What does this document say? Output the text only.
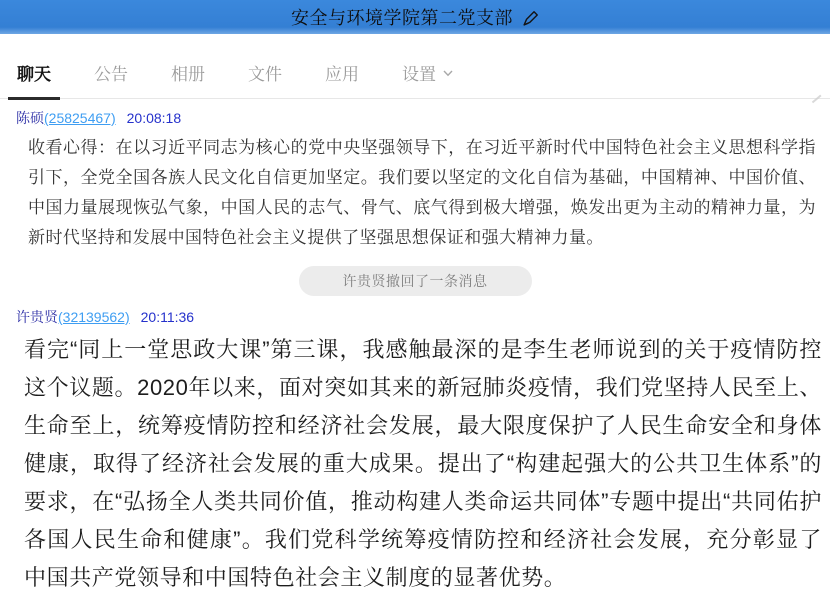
安全与环境学院第二党支部
聊天	公告	相册	文件	应用	设置
陈硕(25825467) 20:08:18
收看心得：在以习近平同志为核心的党中央坚强领导下，在习近平新时代中国特色社会主义思想科学指引下，全党全国各族人民文化自信更加坚定。我们要以坚定的文化自信为基础，中国精神、中国价值、中国力量展现恢弘气象，中国人民的志气、骨气、底气得到极大增强，焕发出更为主动的精神力量，为新时代坚持和发展中国特色社会主义提供了坚强思想保证和强大精神力量。
许贵贤撤回了一条消息
许贵贤(32139562) 20:11:36
看完“同上一堂思政大课”第三课，我感触最深的是李生老师说到的关于疫情防控这个议题。2020年以来，面对突如其来的新冠肺炎疫情，我们党坚持人民至上、生命至上，统筹疫情防控和经济社会发展，最大限度保护了人民生命安全和身体健康，取得了经济社会发展的重大成果。提出了“构建起强大的公共卫生体系”的要求，在“弘扬全人类共同价值，推动构建人类命运共同体”专题中提出“共同佑护各国人民生命和健康”。我们党科学统筹疫情防控和经济社会发展，充分彰显了中国共产党领导和中国特色社会主义制度的显著优势。
